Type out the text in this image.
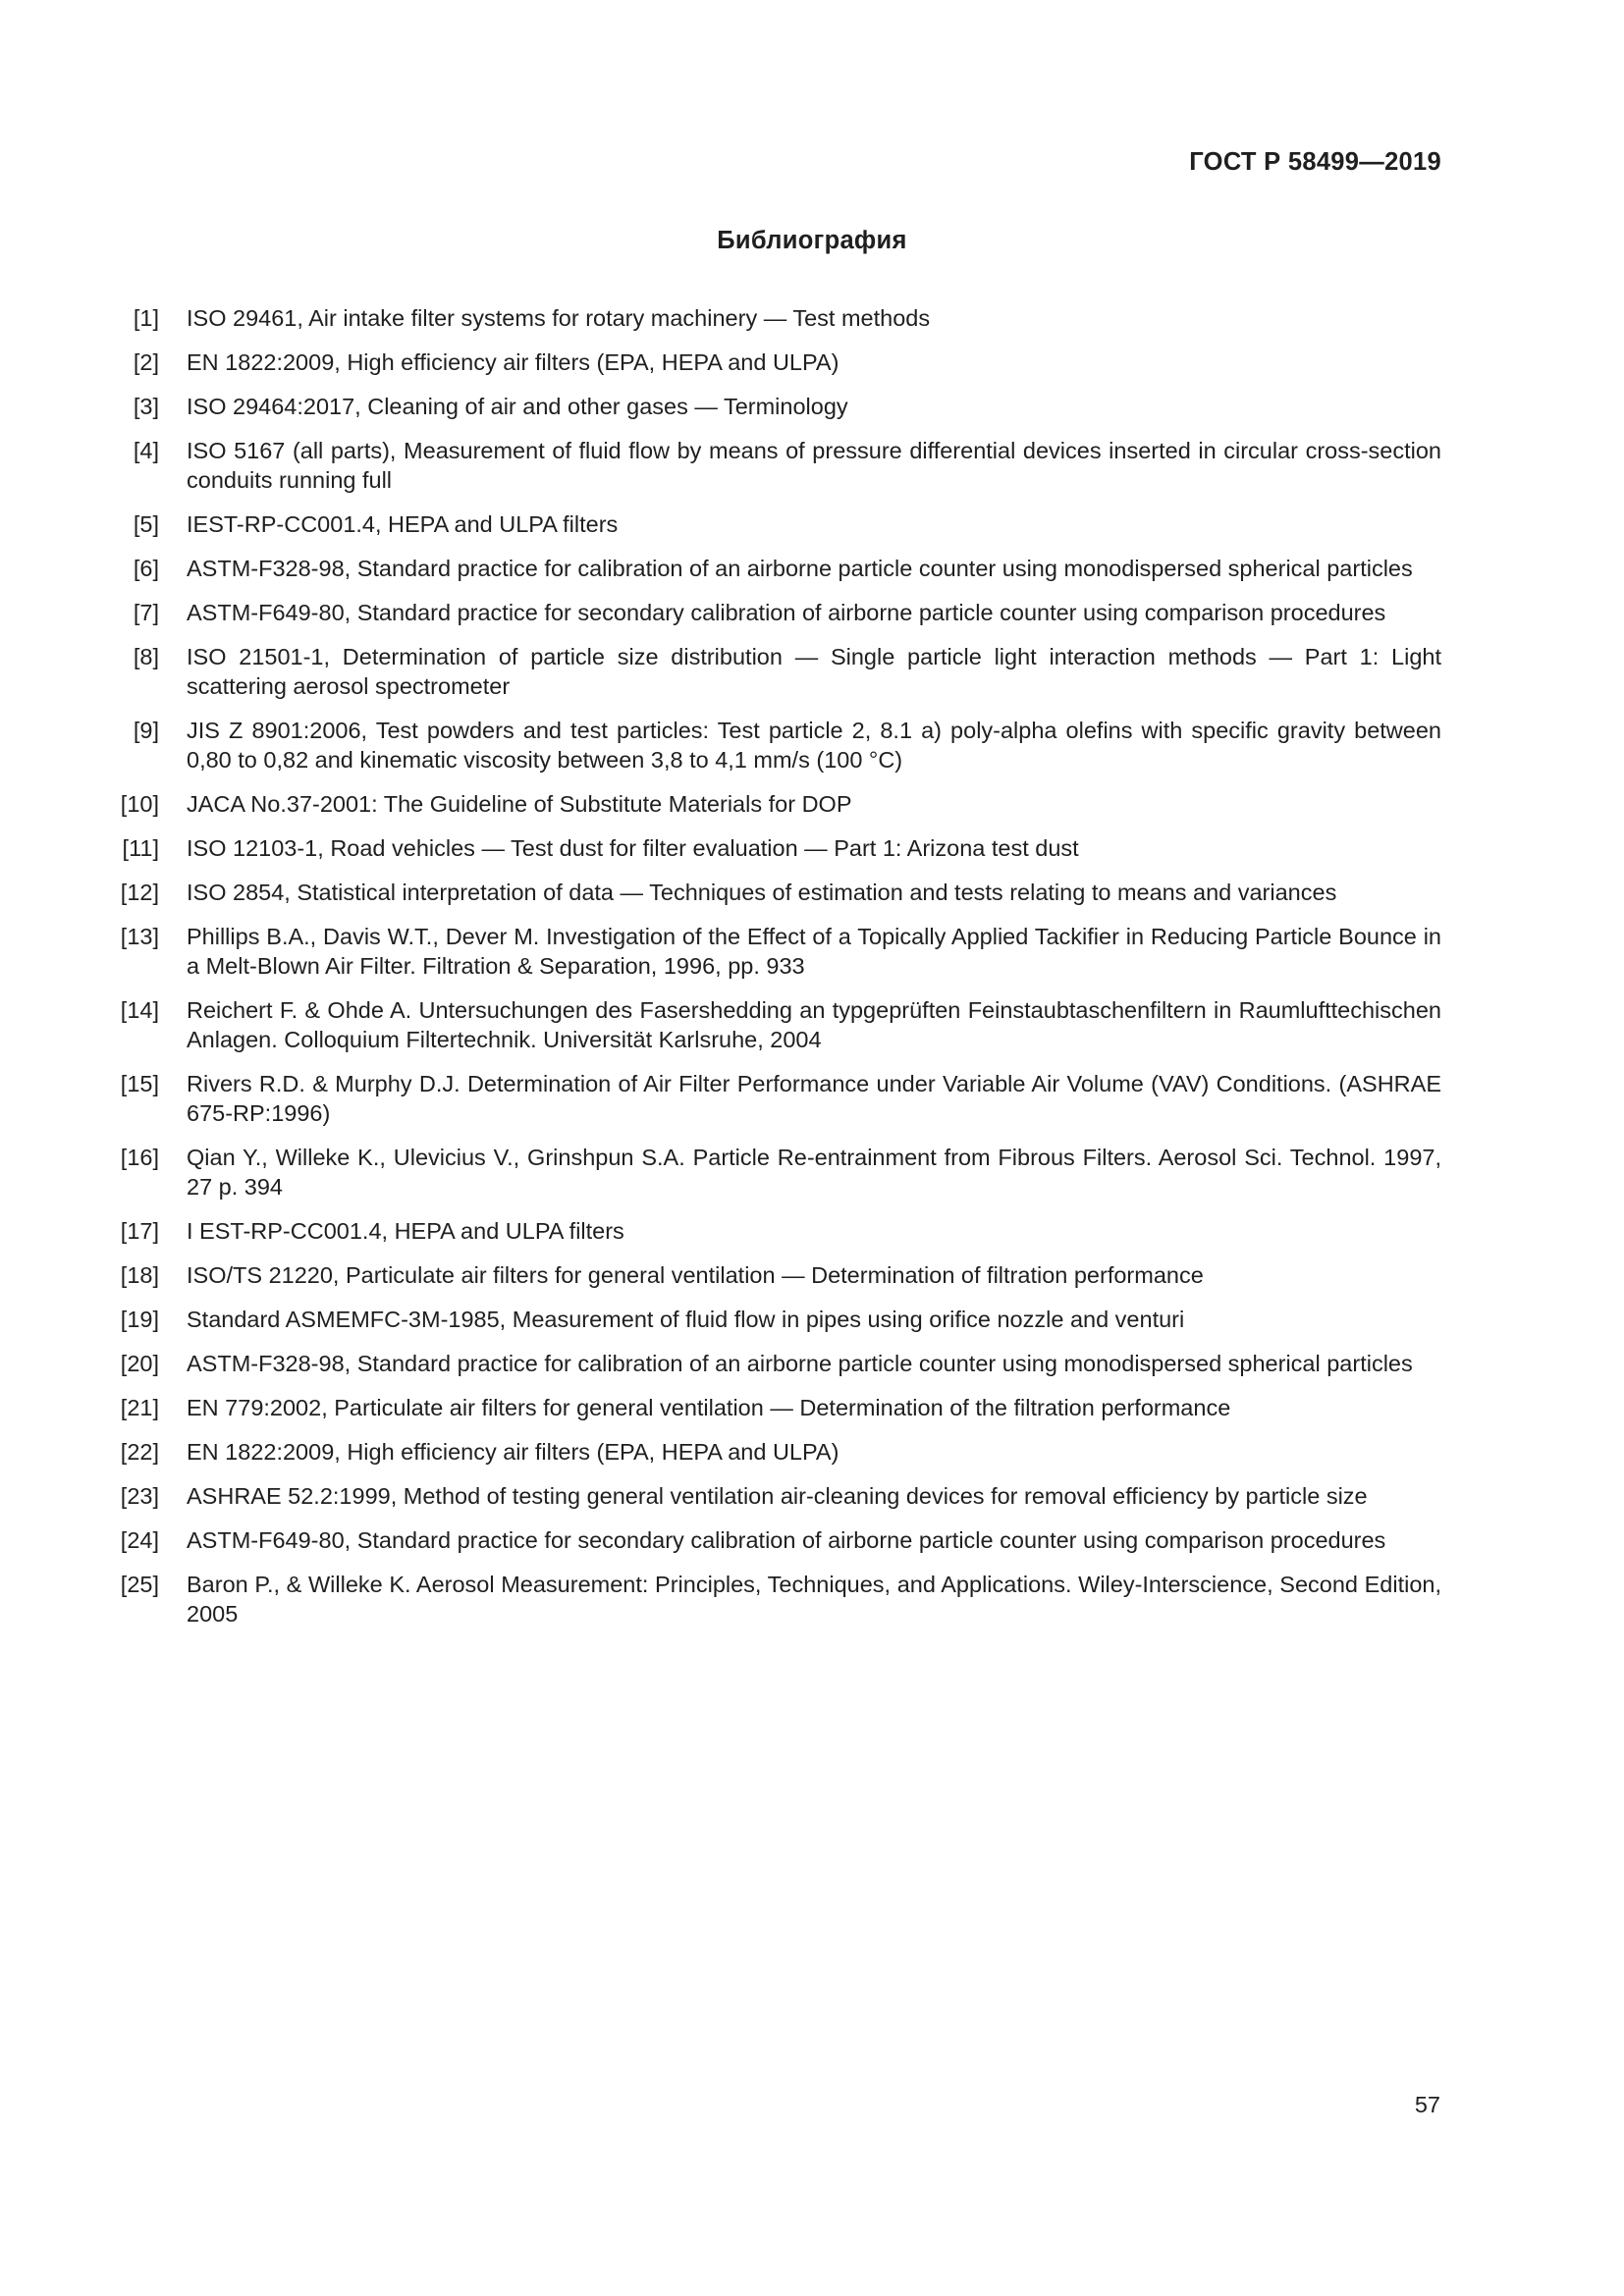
ГОСТ Р 58499—2019
Библиография
[1] ISO 29461, Air intake filter systems for rotary machinery — Test methods
[2] EN 1822:2009, High efficiency air filters (EPA, HEPA and ULPA)
[3] ISO 29464:2017, Cleaning of air and other gases — Terminology
[4] ISO 5167 (all parts), Measurement of fluid flow by means of pressure differential devices inserted in circular cross-section conduits running full
[5] IEST-RP-CC001.4, HEPA and ULPA filters
[6] ASTM-F328-98, Standard practice for calibration of an airborne particle counter using monodispersed spherical particles
[7] ASTM-F649-80, Standard practice for secondary calibration of airborne particle counter using comparison procedures
[8] ISO 21501-1, Determination of particle size distribution — Single particle light interaction methods — Part 1: Light scattering aerosol spectrometer
[9] JIS Z 8901:2006, Test powders and test particles: Test particle 2, 8.1 a) poly-alpha olefins with specific gravity between 0,80 to 0,82 and kinematic viscosity between 3,8 to 4,1 mm/s (100 °C)
[10] JACA No.37-2001: The Guideline of Substitute Materials for DOP
[11] ISO 12103-1, Road vehicles — Test dust for filter evaluation — Part 1: Arizona test dust
[12] ISO 2854, Statistical interpretation of data — Techniques of estimation and tests relating to means and variances
[13] Phillips B.A., Davis W.T., Dever M. Investigation of the Effect of a Topically Applied Tackifier in Reducing Particle Bounce in a Melt-Blown Air Filter. Filtration & Separation, 1996, pp. 933
[14] Reichert F. & Ohde A. Untersuchungen des Fasershedding an typgeprüften Feinstaubtaschenfiltern in Raumlufttechischen Anlagen. Colloquium Filtertechnik. Universität Karlsruhe, 2004
[15] Rivers R.D. & Murphy D.J. Determination of Air Filter Performance under Variable Air Volume (VAV) Conditions. (ASHRAE 675-RP:1996)
[16] Qian Y., Willeke K., Ulevicius V., Grinshpun S.A. Particle Re-entrainment from Fibrous Filters. Aerosol Sci. Technol. 1997, 27 p. 394
[17] I EST-RP-CC001.4, HEPA and ULPA filters
[18] ISO/TS 21220, Particulate air filters for general ventilation — Determination of filtration performance
[19] Standard ASMEMFC-3M-1985, Measurement of fluid flow in pipes using orifice nozzle and venturi
[20] ASTM-F328-98, Standard practice for calibration of an airborne particle counter using monodispersed spherical particles
[21] EN 779:2002, Particulate air filters for general ventilation — Determination of the filtration performance
[22] EN 1822:2009, High efficiency air filters (EPA, HEPA and ULPA)
[23] ASHRAE 52.2:1999, Method of testing general ventilation air-cleaning devices for removal efficiency by particle size
[24] ASTM-F649-80, Standard practice for secondary calibration of airborne particle counter using comparison procedures
[25] Baron P., & Willeke K. Aerosol Measurement: Principles, Techniques, and Applications. Wiley-Interscience, Second Edition, 2005
57
